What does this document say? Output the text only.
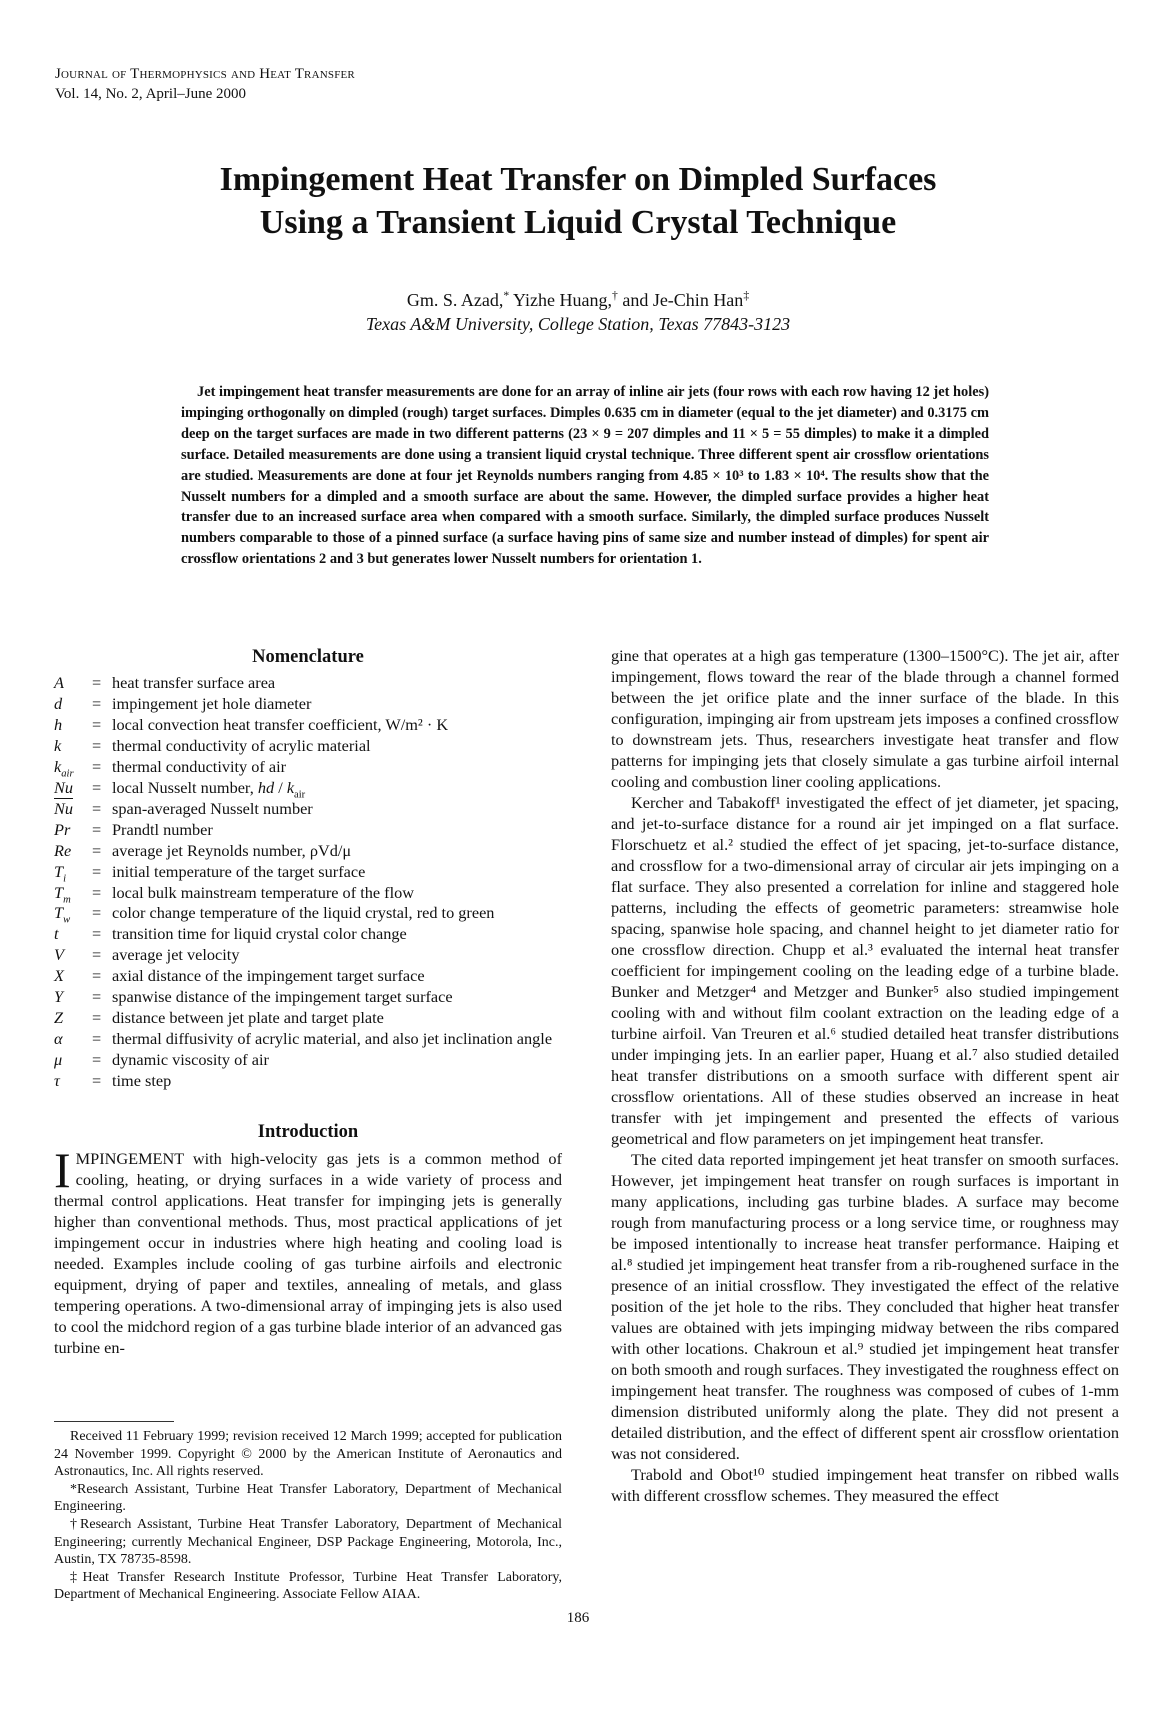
Journal of Thermophysics and Heat Transfer
Vol. 14, No. 2, April–June 2000
Impingement Heat Transfer on Dimpled Surfaces
Using a Transient Liquid Crystal Technique
Gm. S. Azad,* Yizhe Huang,† and Je-Chin Han‡
Texas A&M University, College Station, Texas 77843-3123

Jet impingement heat transfer measurements are done for an array of inline air jets (four rows with each row having 12 jet holes) impinging orthogonally on dimpled (rough) target surfaces. Dimples 0.635 cm in diameter (equal to the jet diameter) and 0.3175 cm deep on the target surfaces are made in two different patterns (23 × 9 = 207 dimples and 11 × 5 = 55 dimples) to make it a dimpled surface. Detailed measurements are done using a transient liquid crystal technique. Three different spent air crossflow orientations are studied. Measurements are done at four jet Reynolds numbers ranging from 4.85 × 10³ to 1.83 × 10⁴. The results show that the Nusselt numbers for a dimpled and a smooth surface are about the same. However, the dimpled surface provides a higher heat transfer due to an increased surface area when compared with a smooth surface. Similarly, the dimpled surface produces Nusselt numbers comparable to those of a pinned surface (a surface having pins of same size and number instead of dimples) for spent air crossflow orientations 2 and 3 but generates lower Nusselt numbers for orientation 1.

Nomenclature
A	= heat transfer surface area
d	= impingement jet hole diameter
h	= local convection heat transfer coefficient, W/m² · K
k	= thermal conductivity of acrylic material
$k_{air}$	= thermal conductivity of air
Nu	= local Nusselt number, hd / $k_{air}$
$\overline{Nu}$	= span-averaged Nusselt number
Pr	= Prandtl number
Re	= average jet Reynolds number, ρVd/μ
$T_i$	= initial temperature of the target surface
$T_m$	= local bulk mainstream temperature of the flow
$T_w$	= color change temperature of the liquid crystal, red to green
t	= transition time for liquid crystal color change
V	= average jet velocity
X	= axial distance of the impingement target surface
Y	= spanwise distance of the impingement target surface
Z	= distance between jet plate and target plate
α	= thermal diffusivity of acrylic material, and also jet inclination angle
μ	= dynamic viscosity of air
τ	= time step
Introduction

IMPINGEMENT with high-velocity gas jets is a common method of cooling, heating, or drying surfaces in a wide variety of process and thermal control applications. Heat transfer for impinging jets is generally higher than conventional methods. Thus, most practical applications of jet impingement occur in industries where high heating and cooling load is needed. Examples include cooling of gas turbine airfoils and electronic equipment, drying of paper and textiles, annealing of metals, and glass tempering operations. A two-dimensional array of impinging jets is also used to cool the midchord region of a gas turbine blade interior of an advanced gas turbine en-

gine that operates at a high gas temperature (1300–1500°C). The jet air, after impingement, flows toward the rear of the blade through a channel formed between the jet orifice plate and the inner surface of the blade. In this configuration, impinging air from upstream jets imposes a confined crossflow to downstream jets. Thus, researchers investigate heat transfer and flow patterns for impinging jets that closely simulate a gas turbine airfoil internal cooling and combustion liner cooling applications.

Kercher and Tabakoff¹ investigated the effect of jet diameter, jet spacing, and jet-to-surface distance for a round air jet impinged on a flat surface. Florschuetz et al.² studied the effect of jet spacing, jet-to-surface distance, and crossflow for a two-dimensional array of circular air jets impinging on a flat surface. They also presented a correlation for inline and staggered hole patterns, including the effects of geometric parameters: streamwise hole spacing, spanwise hole spacing, and channel height to jet diameter ratio for one crossflow direction. Chupp et al.³ evaluated the internal heat transfer coefficient for impingement cooling on the leading edge of a turbine blade. Bunker and Metzger⁴ and Metzger and Bunker⁵ also studied impingement cooling with and without film coolant extraction on the leading edge of a turbine airfoil. Van Treuren et al.⁶ studied detailed heat transfer distributions under impinging jets. In an earlier paper, Huang et al.⁷ also studied detailed heat transfer distributions on a smooth surface with different spent air crossflow orientations. All of these studies observed an increase in heat transfer with jet impingement and presented the effects of various geometrical and flow parameters on jet impingement heat transfer.

The cited data reported impingement jet heat transfer on smooth surfaces. However, jet impingement heat transfer on rough surfaces is important in many applications, including gas turbine blades. A surface may become rough from manufacturing process or a long service time, or roughness may be imposed intentionally to increase heat transfer performance. Haiping et al.⁸ studied jet impingement heat transfer from a rib-roughened surface in the presence of an initial crossflow. They investigated the effect of the relative position of the jet hole to the ribs. They concluded that higher heat transfer values are obtained with jets impinging midway between the ribs compared with other locations. Chakroun et al.⁹ studied jet impingement heat transfer on both smooth and rough surfaces. They investigated the roughness effect on impingement heat transfer. The roughness was composed of cubes of 1-mm dimension distributed uniformly along the plate. They did not present a detailed distribution, and the effect of different spent air crossflow orientation was not considered.

Trabold and Obot¹⁰ studied impingement heat transfer on ribbed walls with different crossflow schemes. They measured the effect

Received 11 February 1999; revision received 12 March 1999; accepted for publication 24 November 1999. Copyright © 2000 by the American Institute of Aeronautics and Astronautics, Inc. All rights reserved.

*Research Assistant, Turbine Heat Transfer Laboratory, Department of Mechanical Engineering.

†Research Assistant, Turbine Heat Transfer Laboratory, Department of Mechanical Engineering; currently Mechanical Engineer, DSP Package Engineering, Motorola, Inc., Austin, TX 78735-8598.

‡Heat Transfer Research Institute Professor, Turbine Heat Transfer Laboratory, Department of Mechanical Engineering. Associate Fellow AIAA.

186
